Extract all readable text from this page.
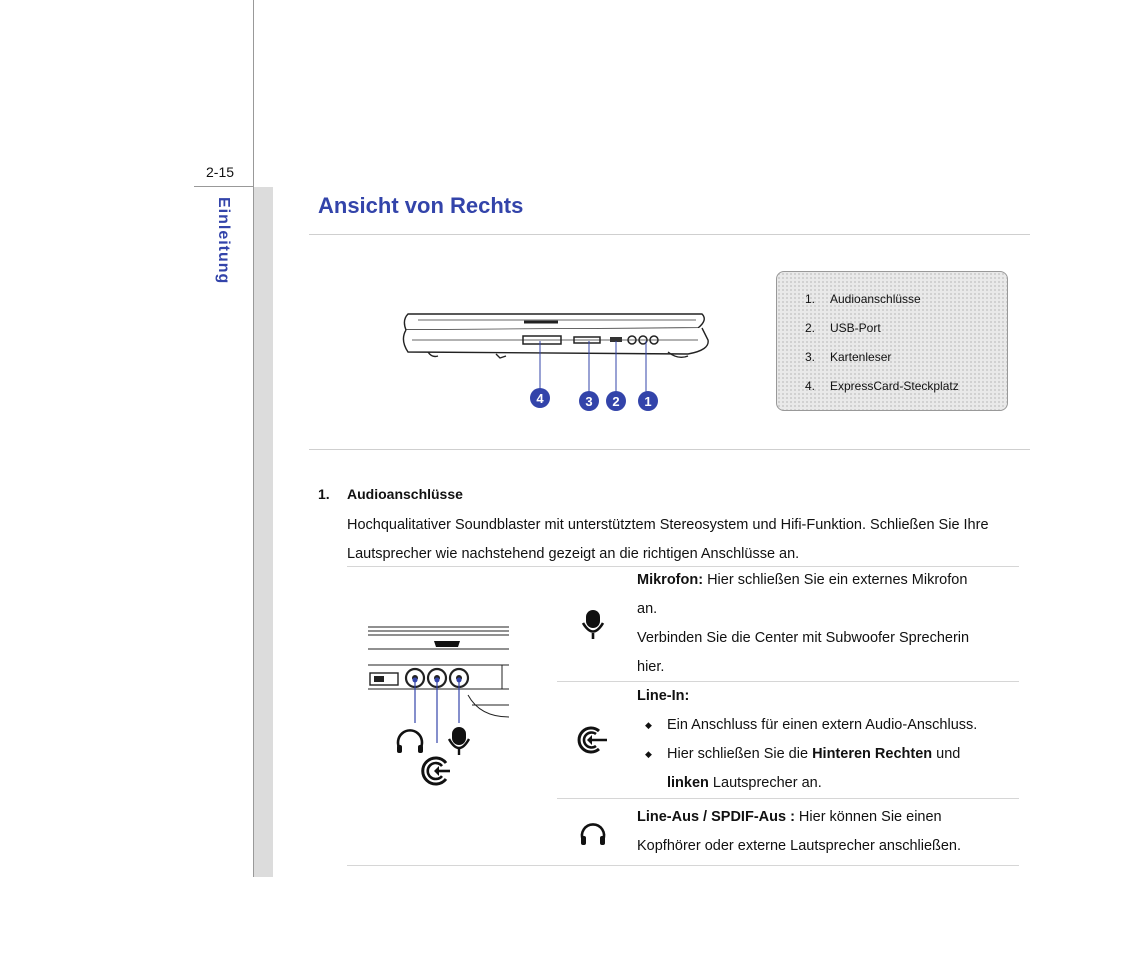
2-15
Einleitung	Ansicht von Rechts
4	3 2 1
1. Audioanschlüsse
2. USB-Port
3. Kartenleser
4. ExpressCard-Steckplatz
1. Audioanschlüsse
Hochqualitativer Soundblaster mit unterstütztem Stereosystem und Hifi-Funktion. Schließen Sie Ihre Lautsprecher wie nachstehend gezeigt an die richtigen Anschlüsse an.
Mikrofon: Hier schließen Sie ein externes Mikrofon
an.
Verbinden Sie die Center mit Subwoofer Sprecherin
hier.
Line-In:
◆ Ein Anschluss für einen extern Audio-Anschluss.
◆ Hier schließen Sie die Hinteren Rechten und
linken Lautsprecher an.
Line-Aus / SPDIF-Aus : Hier können Sie einen
Kopfhörer oder externe Lautsprecher anschließen.
